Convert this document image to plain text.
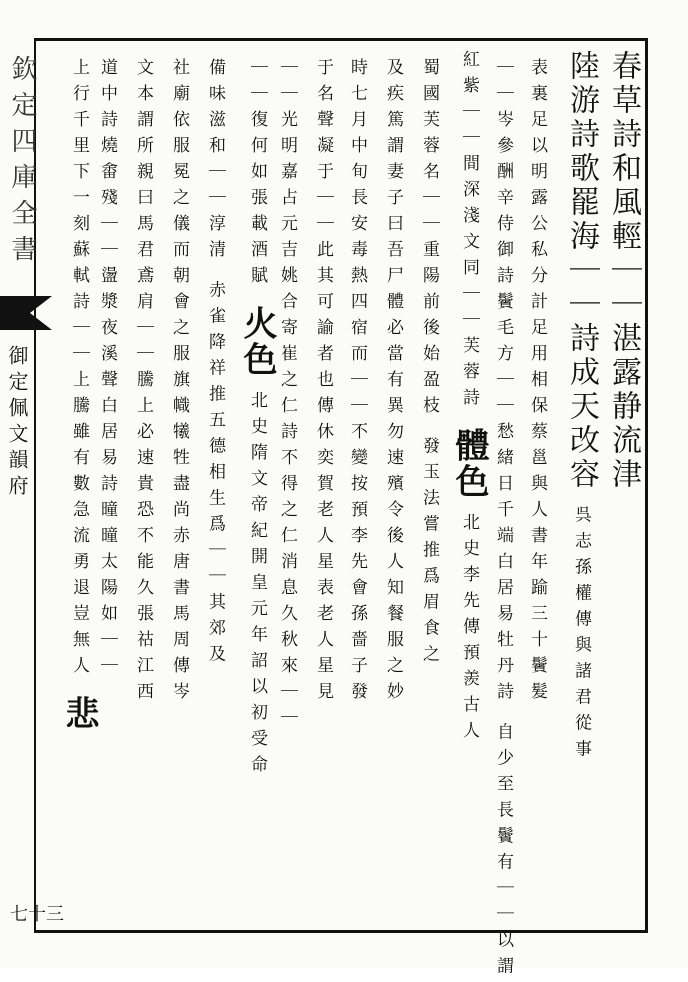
欽定四庫全書
御定佩文韻府
七十三
春草詩和風輕｜｜湛露静流津
陸游詩歌罷海｜｜詩成天改容 呉志孫權傳與諸君從事
表裏足以明露公私分計足用相保蔡邕與人書年踰三十鬢髮
｜｜岑參酬辛侍御詩鬢毛方｜｜愁緒日千端白居易牡丹詩 自少至長鬢有｜｜以謂
紅紫｜｜間深淺文同｜｜芙蓉詩 體色 北史李先傳預羨古人
蜀國芙蓉名｜｜重陽前後始盈枝 發玉法嘗推爲眉食之
及疾篤謂妻子曰吾尸體必當有異勿速殯令後人知餐服之妙
時七月中旬長安毒熱四宿而｜｜不變按預李先會孫嗇子發
于名聲凝于｜｜此其可諭者也傳休奕賀老人星表老人星見
｜｜光明嘉占元吉姚合寄崔之仁詩不得之仁消息久秋來｜｜
｜｜復何如張載酒賦 火色 北史隋文帝紀開皇元年詔以初受命
備味滋和｜｜淳清 赤雀降祥推五德相生爲｜｜其郊及
社廟依服冕之儀而朝會之服旗幟犧牲盡尚赤唐書馬周傳岑
文本謂所親曰馬君鳶肩｜｜騰上必速貴恐不能久張祜江西
道中詩燒畬殘｜｜盪漿夜溪聲白居易詩曈曈太陽如｜｜
上行千里下一刻蘇軾詩｜｜上騰雖有數急流勇退豈無人 悲
